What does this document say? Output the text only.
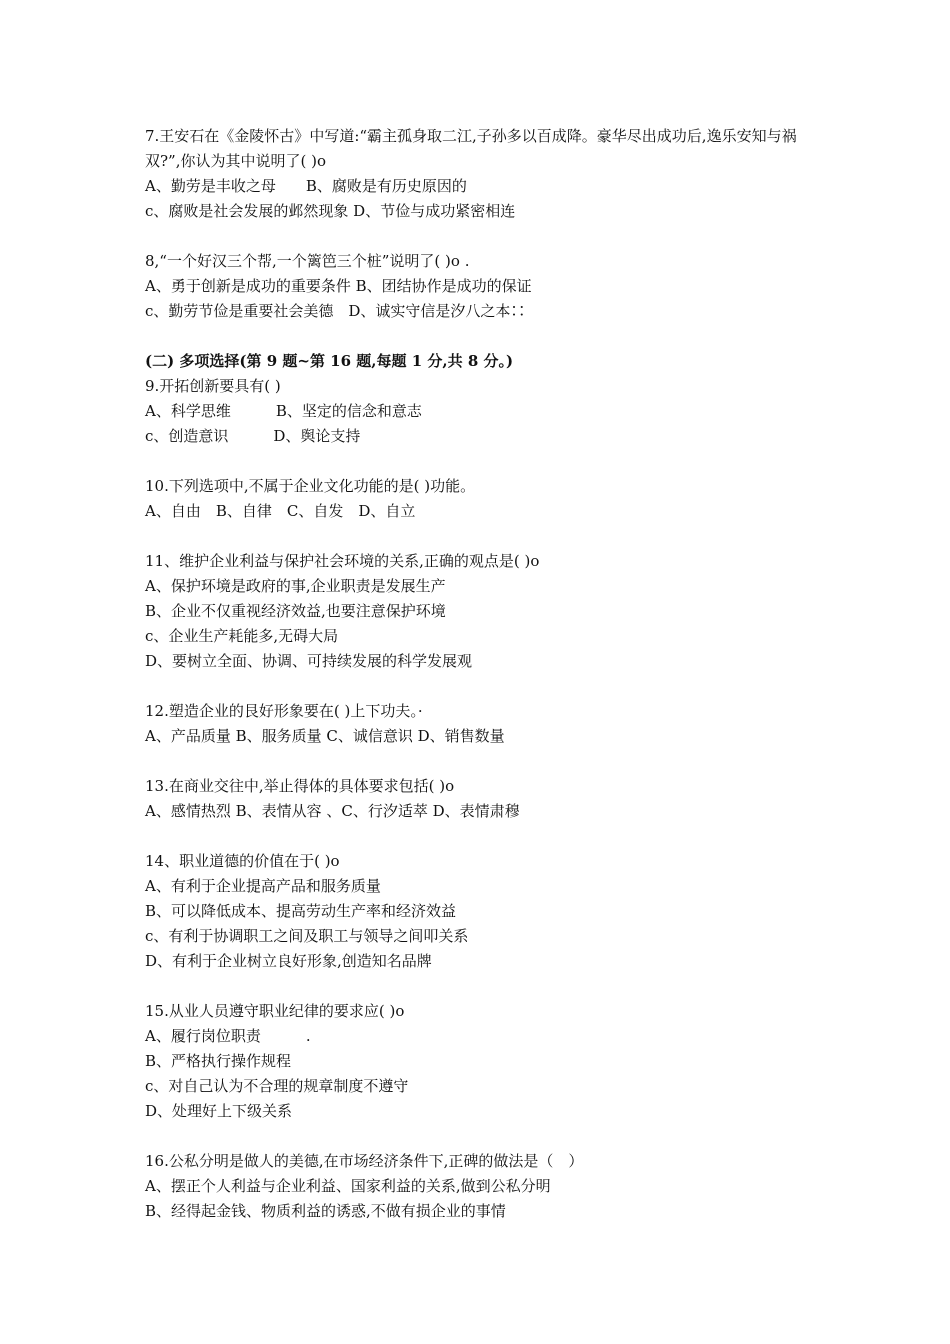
7.王安石在《金陵怀古》中写道:“霸主孤身取二江,子孙多以百成降。豪华尽出成功后,逸乐安知与祸双?”,你认为其中说明了( )o
A、勤劳是丰收之母　　B、腐败是有历史原因的
c、腐败是社会发展的邺然现象 D、节俭与成功紧密相连
8,“一个好汉三个帮,一个篱笆三个桩”说明了( )o .
A、勇于创新是成功的重要条件 B、团结协作是成功的保证
c、勤劳节俭是重要社会美德　D、诚实守信是汐八之本∷
(二) 多项选择(第 9 题~第 16 题,每题 1 分,共 8 分。)
9.开拓创新要具有( )
A、科学思维　　　B、坚定的信念和意志
c、创造意识　　　D、舆论支持
10.下列选项中,不属于企业文化功能的是( )功能。
A、自由　B、自律　C、自发　D、自立
11、维护企业利益与保护社会环境的关系,正确的观点是( )o
A、保护环境是政府的事,企业职责是发展生产
B、企业不仅重视经济效益,也要注意保护环境
c、企业生产耗能多,无碍大局
D、要树立全面、协调、可持续发展的科学发展观
12.塑造企业的艮好形象要在( )上下功夫。·
A、产品质量 B、服务质量 C、诚信意识 D、销售数量
13.在商业交往中,举止得体的具体要求包括( )o
A、感情热烈 B、表情从容 、C、行汐适萃 D、表情肃穆
14、职业道德的价值在于( )o
A、有利于企业提高产品和服务质量
B、可以降低成本、提高劳动生产率和经济效益
c、有利于协调职工之间及职工与领导之间叩关系
D、有利于企业树立良好形象,创造知名品牌
15.从业人员遵守职业纪律的要求应( )o
A、履行岗位职责　　　.
B、严格执行操作规程
c、对自己认为不合理的规章制度不遵守
D、处理好上下级关系
16.公私分明是做人的美德,在市场经济条件下,正碑的做法是（　）
A、摆正个人利益与企业利益、国家利益的关系,做到公私分明
B、经得起金钱、物质利益的诱惑,不做有损企业的事情
